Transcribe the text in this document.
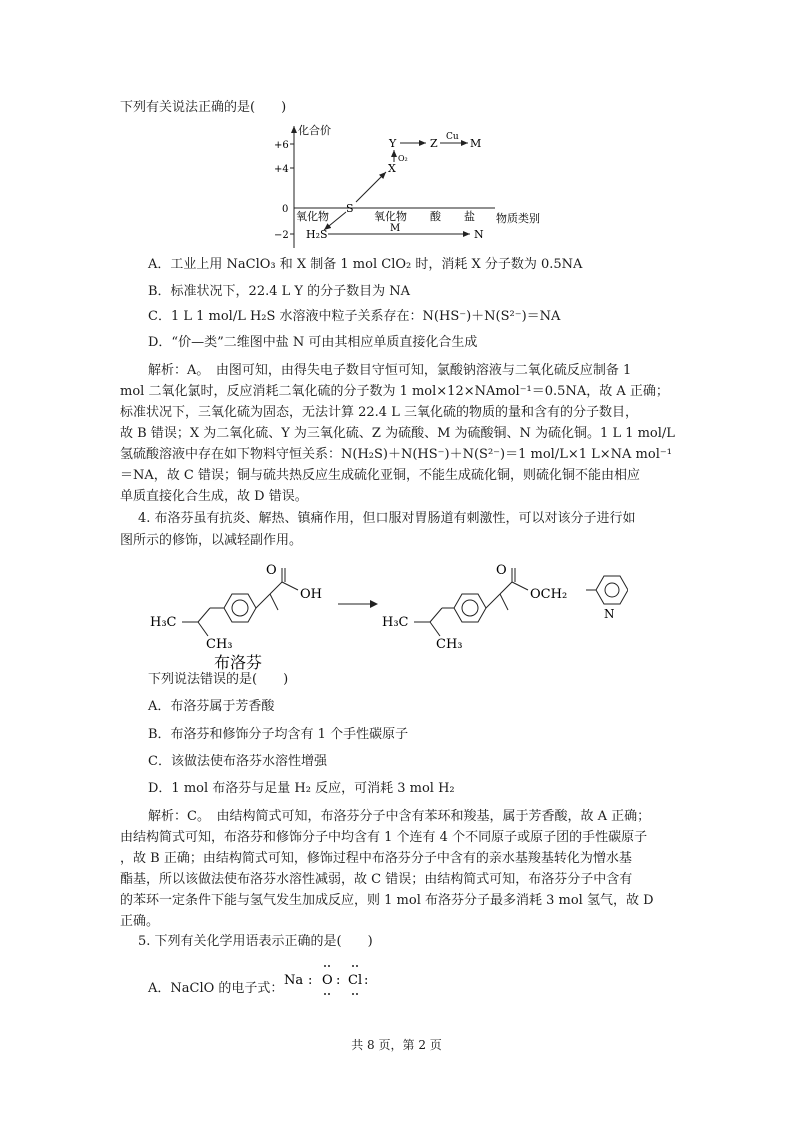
下列有关说法正确的是(　　)
化合价
+6
+4
0
−2
氧化物	氧化物 酸 盐 物质类别
S
X
O₂
Y	Z Cu M
H₂S	M	N
A．工业上用 NaClO₃ 和 X 制备 1 mol ClO₂ 时，消耗 X 分子数为 0.5NA
B．标准状况下，22.4 L Y 的分子数目为 NA
C．1 L 1 mol/L H₂S 水溶液中粒子关系存在：N(HS⁻)＋N(S²⁻)＝NA
D．“价—类”二维图中盐 N 可由其相应单质直接化合生成
解析：A。　由图可知，由得失电子数目守恒可知，氯酸钠溶液与二氧化硫反应制备 1
mol 二氧化氯时，反应消耗二氧化硫的分子数为 1 mol×12×NAmol⁻¹＝0.5NA，故 A 正确；
标准状况下，三氧化硫为固态，无法计算 22.4 L 三氧化硫的物质的量和含有的分子数目，
故 B 错误；X 为二氧化硫、Y 为三氧化硫、Z 为硫酸、M 为硫酸铜、N 为硫化铜。1 L 1 mol/L
氢硫酸溶液中存在如下物料守恒关系：N(H₂S)＋N(HS⁻)＋N(S²⁻)＝1 mol/L×1 L×NA mol⁻¹
＝NA，故 C 错误；铜与硫共热反应生成硫化亚铜，不能生成硫化铜，则硫化铜不能由相应
单质直接化合生成，故 D 错误。
4. 布洛芬虽有抗炎、解热、镇痛作用，但口服对胃肠道有刺激性，可以对该分子进行如
图所示的修饰，以减轻副作用。
O
OH
H₃C
CH₃
布洛芬
O
OCH₂
N
H₃C
CH₃
下列说法错误的是(　　)
A．布洛芬属于芳香酸
B．布洛芬和修饰分子均含有 1 个手性碳原子
C．该做法使布洛芬水溶性增强
D．1 mol 布洛芬与足量 H₂ 反应，可消耗 3 mol H₂
解析：C。　由结构简式可知，布洛芬分子中含有苯环和羧基，属于芳香酸，故 A 正确；
由结构简式可知，布洛芬和修饰分子中均含有 1 个连有 4 个不同原子或原子团的手性碳原子
，故 B 正确；由结构简式可知，修饰过程中布洛芬分子中含有的亲水基羧基转化为憎水基
酯基，所以该做法使布洛芬水溶性减弱，故 C 错误；由结构简式可知，布洛芬分子中含有
的苯环一定条件下能与氢气发生加成反应，则 1 mol 布洛芬分子最多消耗 3 mol 氢气，故 D
正确。
5. 下列有关化学用语表示正确的是(　　)
A．NaClO 的电子式：
Na : O : Cl :
共 8 页，第 2 页
